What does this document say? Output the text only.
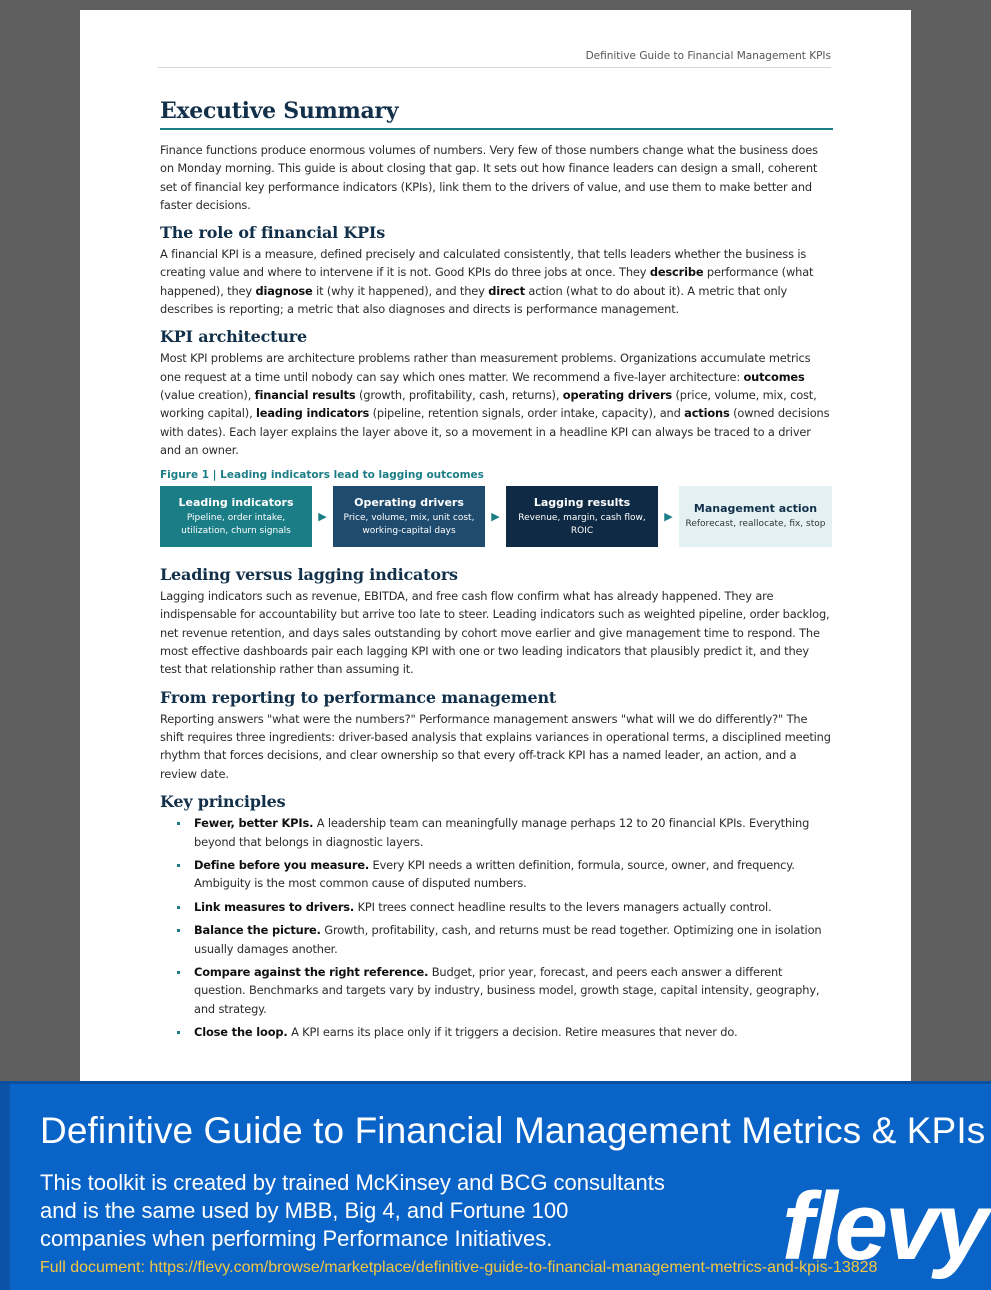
Definitive Guide to Financial Management KPIs
Executive Summary

Finance functions produce enormous volumes of numbers. Very few of those numbers change what the business does on Monday morning. This guide is about closing that gap. It sets out how finance leaders can design a small, coherent set of financial key performance indicators (KPIs), link them to the drivers of value, and use them to make better and faster decisions.

The role of financial KPIs

A financial KPI is a measure, defined precisely and calculated consistently, that tells leaders whether the business is creating value and where to intervene if it is not. Good KPIs do three jobs at once. They describe performance (what happened), they diagnose it (why it happened), and they direct action (what to do about it). A metric that only describes is reporting; a metric that also diagnoses and directs is performance management.

KPI architecture

Most KPI problems are architecture problems rather than measurement problems. Organizations accumulate metrics one request at a time until nobody can say which ones matter. We recommend a five-layer architecture: outcomes (value creation), financial results (growth, profitability, cash, returns), operating drivers (price, volume, mix, cost, working capital), leading indicators (pipeline, retention signals, order intake, capacity), and actions (owned decisions with dates). Each layer explains the layer above it, so a movement in a headline KPI can always be traced to a driver and an owner.

Figure 1 | Leading indicators lead to lagging outcomes
Leading indicators
Pipeline, order intake, utilization, churn signals
▶
Operating drivers
Price, volume, mix, unit cost, working-capital days
▶
Lagging results
Revenue, margin, cash flow, ROIC
▶
Management action
Reforecast, reallocate, fix, stop
Leading versus lagging indicators

Lagging indicators such as revenue, EBITDA, and free cash flow confirm what has already happened. They are indispensable for accountability but arrive too late to steer. Leading indicators such as weighted pipeline, order backlog, net revenue retention, and days sales outstanding by cohort move earlier and give management time to respond. The most effective dashboards pair each lagging KPI with one or two leading indicators that plausibly predict it, and they test that relationship rather than assuming it.

From reporting to performance management

Reporting answers "what were the numbers?" Performance management answers "what will we do differently?" The shift requires three ingredients: driver-based analysis that explains variances in operational terms, a disciplined meeting rhythm that forces decisions, and clear ownership so that every off-track KPI has a named leader, an action, and a review date.

Key principles
Fewer, better KPIs. A leadership team can meaningfully manage perhaps 12 to 20 financial KPIs. Everything beyond that belongs in diagnostic layers.
Define before you measure. Every KPI needs a written definition, formula, source, owner, and frequency. Ambiguity is the most common cause of disputed numbers.
Link measures to drivers. KPI trees connect headline results to the levers managers actually control.
Balance the picture. Growth, profitability, cash, and returns must be read together. Optimizing one in isolation usually damages another.
Compare against the right reference. Budget, prior year, forecast, and peers each answer a different question. Benchmarks and targets vary by industry, business model, growth stage, capital intensity, geography, and strategy.
Close the loop. A KPI earns its place only if it triggers a decision. Retire measures that never do.
Definitive Guide to Financial Management Metrics & KPIs
This toolkit is created by trained McKinsey and BCG consultants and is the same used by MBB, Big 4, and Fortune 100 companies when performing Performance Initiatives.
Full document: https://flevy.com/browse/marketplace/definitive-guide-to-financial-management-metrics-and-kpis-13828
flevy
